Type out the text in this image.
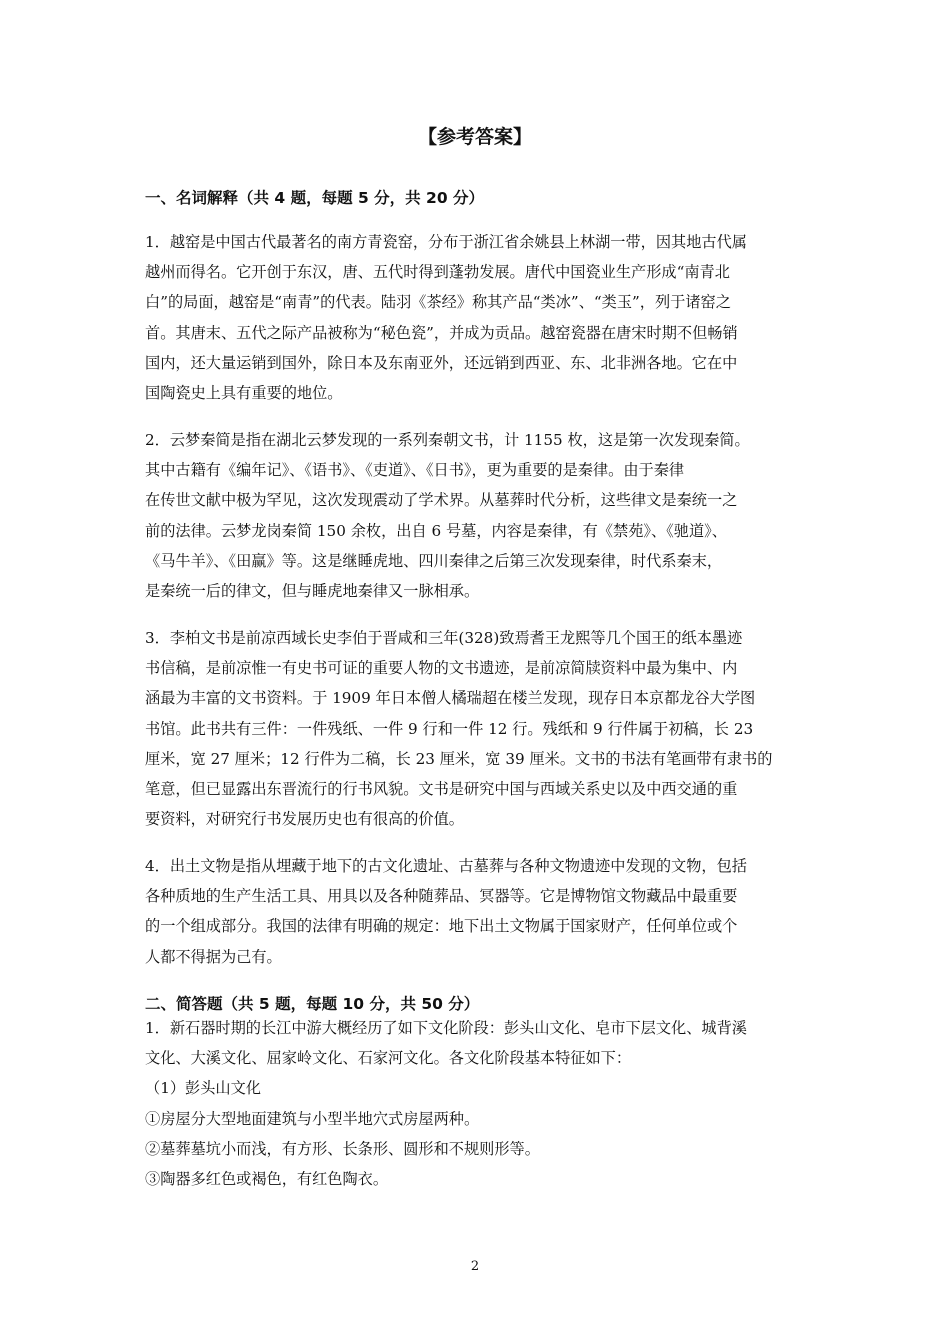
【参考答案】
一、名词解释（共 4 题，每题 5 分，共 20 分）

1．越窑是中国古代最著名的南方青瓷窑，分布于浙江省余姚县上林湖一带，因其地古代属
越州而得名。它开创于东汉，唐、五代时得到蓬勃发展。唐代中国瓷业生产形成“南青北
白”的局面，越窑是“南青”的代表。陆羽《茶经》称其产品“类冰”、“类玉”，列于诸窑之
首。其唐末、五代之际产品被称为“秘色瓷”，并成为贡品。越窑瓷器在唐宋时期不但畅销
国内，还大量运销到国外，除日本及东南亚外，还远销到西亚、东、北非洲各地。它在中
国陶瓷史上具有重要的地位。

2．云梦秦简是指在湖北云梦发现的一系列秦朝文书，计 1155 枚，这是第一次发现秦简。
其中古籍有《编年记》、《语书》、《吏道》、《日书》，更为重要的是秦律。由于秦律
在传世文献中极为罕见，这次发现震动了学术界。从墓葬时代分析，这些律文是秦统一之
前的法律。云梦龙岗秦简 150 余枚，出自 6 号墓，内容是秦律，有《禁苑》、《驰道》、
《马牛羊》、《田赢》等。这是继睡虎地、四川秦律之后第三次发现秦律，时代系秦末，
是秦统一后的律文，但与睡虎地秦律又一脉相承。

3．李柏文书是前凉西域长史李伯于晋咸和三年(328)致焉耆王龙熙等几个国王的纸本墨迹
书信稿，是前凉惟一有史书可证的重要人物的文书遗迹，是前凉简牍资料中最为集中、内
涵最为丰富的文书资料。于 1909 年日本僧人橘瑞超在楼兰发现，现存日本京都龙谷大学图
书馆。此书共有三件：一件残纸、一件 9 行和一件 12 行。残纸和 9 行件属于初稿，长 23
厘米，宽 27 厘米；12 行件为二稿，长 23 厘米，宽 39 厘米。文书的书法有笔画带有隶书的
笔意，但已显露出东晋流行的行书风貌。文书是研究中国与西域关系史以及中西交通的重
要资料，对研究行书发展历史也有很高的价值。

4．出土文物是指从埋藏于地下的古文化遗址、古墓葬与各种文物遗迹中发现的文物，包括
各种质地的生产生活工具、用具以及各种随葬品、冥器等。它是博物馆文物藏品中最重要
的一个组成部分。我国的法律有明确的规定：地下出土文物属于国家财产，任何单位或个
人都不得据为己有。

二、简答题（共 5 题，每题 10 分，共 50 分）

1．新石器时期的长江中游大概经历了如下文化阶段：彭头山文化、皂市下层文化、城背溪
文化、大溪文化、屈家岭文化、石家河文化。各文化阶段基本特征如下：
（1）彭头山文化
①房屋分大型地面建筑与小型半地穴式房屋两种。
②墓葬墓坑小而浅，有方形、长条形、圆形和不规则形等。
③陶器多红色或褐色，有红色陶衣。

2
